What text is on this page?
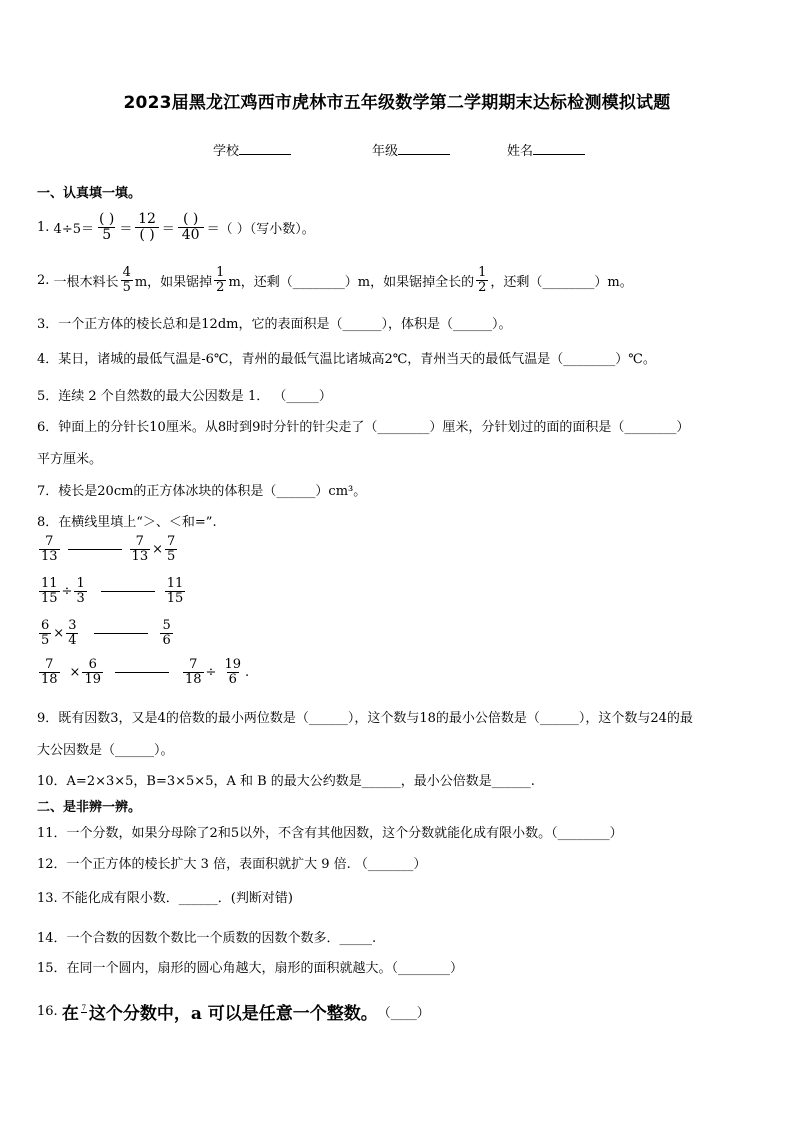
2023届黑龙江鸡西市虎林市五年级数学第二学期期末达标检测模拟试题
学校	年级	姓名
一、认真填一填。
1.
4÷5＝
( )
5 ＝
12
( ) ＝
( )
40 ＝（ ）（写小数）。
2.
一根木料长 $\frac{4}{5}$ m，如果锯掉 $\frac{1}{2}$ m，还剩（________）m，如果锯掉全长的 $\frac{1}{2}$ ，还剩（________）m。
3．一个正方体的棱长总和是12dm，它的表面积是（______），体积是（______）。
4．某日，诸城的最低气温是-6℃，青州的最低气温比诸城高2℃，青州当天的最低气温是（________）℃。
5．连续 2 个自然数的最大公因数是 1． （_____）
6．钟面上的分针长10厘米。从8时到9时分针的针尖走了（________）厘米，分针划过的面的面积是（________）
平方厘米。
7．棱长是20cm的正方体冰块的体积是（______）cm³。
8．在横线里填上“＞、＜和=”.
$\frac{7}{13}$	$\frac{7}{13} \times \frac{7}{5}$
$\frac{11}{15} \div \frac{1}{3}$	$\frac{11}{15}$
$\frac{6}{5} \times \frac{3}{4}$	$\frac{5}{6}$
$\frac{7}{18} \times \frac{6}{19}$	$\frac{7}{18} \div \frac{19}{6}$ .
9．既有因数3，又是4的倍数的最小两位数是（______），这个数与18的最小公倍数是（______），这个数与24的最
大公因数是（______）。
10．A=2×3×5，B=3×5×5，A 和 B 的最大公约数是______，最小公倍数是______.
二、是非辨一辨。
11．一个分数，如果分母除了2和5以外，不含有其他因数，这个分数就能化成有限小数。（________）
12．一个正方体的棱长扩大 3 倍，表面积就扩大 9 倍. （_______）
13. 不能化成有限小数．______．(判断对错)
14．一个合数的因数个数比一个质数的因数个数多．_____.
15．在同一个圆内，扇形的圆心角越大，扇形的面积就越大。（________）
16.
在 7 这个分数中，a 可以是任意一个整数。 （____）
